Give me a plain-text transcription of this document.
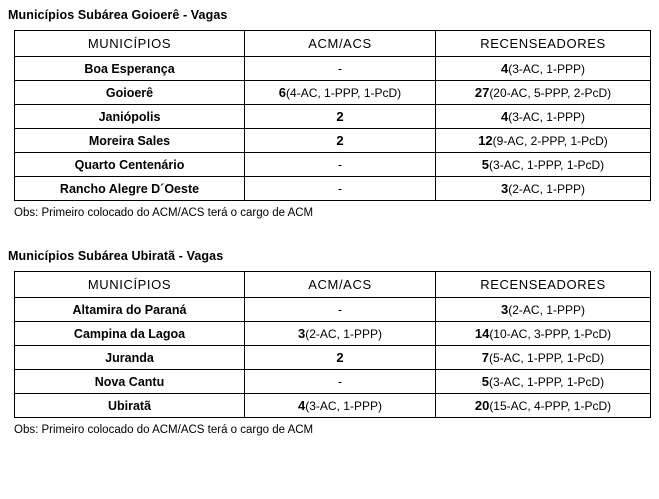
Municípios Subárea Goioerê - Vagas
MUNICÍPIOS	ACM/ACS	RECENSEADORES
Boa Esperança	-	4(3-AC, 1-PPP)
Goioerê	6(4-AC, 1-PPP, 1-PcD)	27(20-AC, 5-PPP, 2-PcD)
Janiópolis	2	4(3-AC, 1-PPP)
Moreira Sales	2	12(9-AC, 2-PPP, 1-PcD)
Quarto Centenário	-	5(3-AC, 1-PPP, 1-PcD)
Rancho Alegre D´Oeste	-	3(2-AC, 1-PPP)
Obs: Primeiro colocado do ACM/ACS terá o cargo de ACM
Municípios Subárea Ubiratã - Vagas
MUNICÍPIOS	ACM/ACS	RECENSEADORES
Altamira do Paraná	-	3(2-AC, 1-PPP)
Campina da Lagoa	3(2-AC, 1-PPP)	14(10-AC, 3-PPP, 1-PcD)
Juranda	2	7(5-AC, 1-PPP, 1-PcD)
Nova Cantu	-	5(3-AC, 1-PPP, 1-PcD)
Ubiratã	4(3-AC, 1-PPP)	20(15-AC, 4-PPP, 1-PcD)
Obs: Primeiro colocado do ACM/ACS terá o cargo de ACM
